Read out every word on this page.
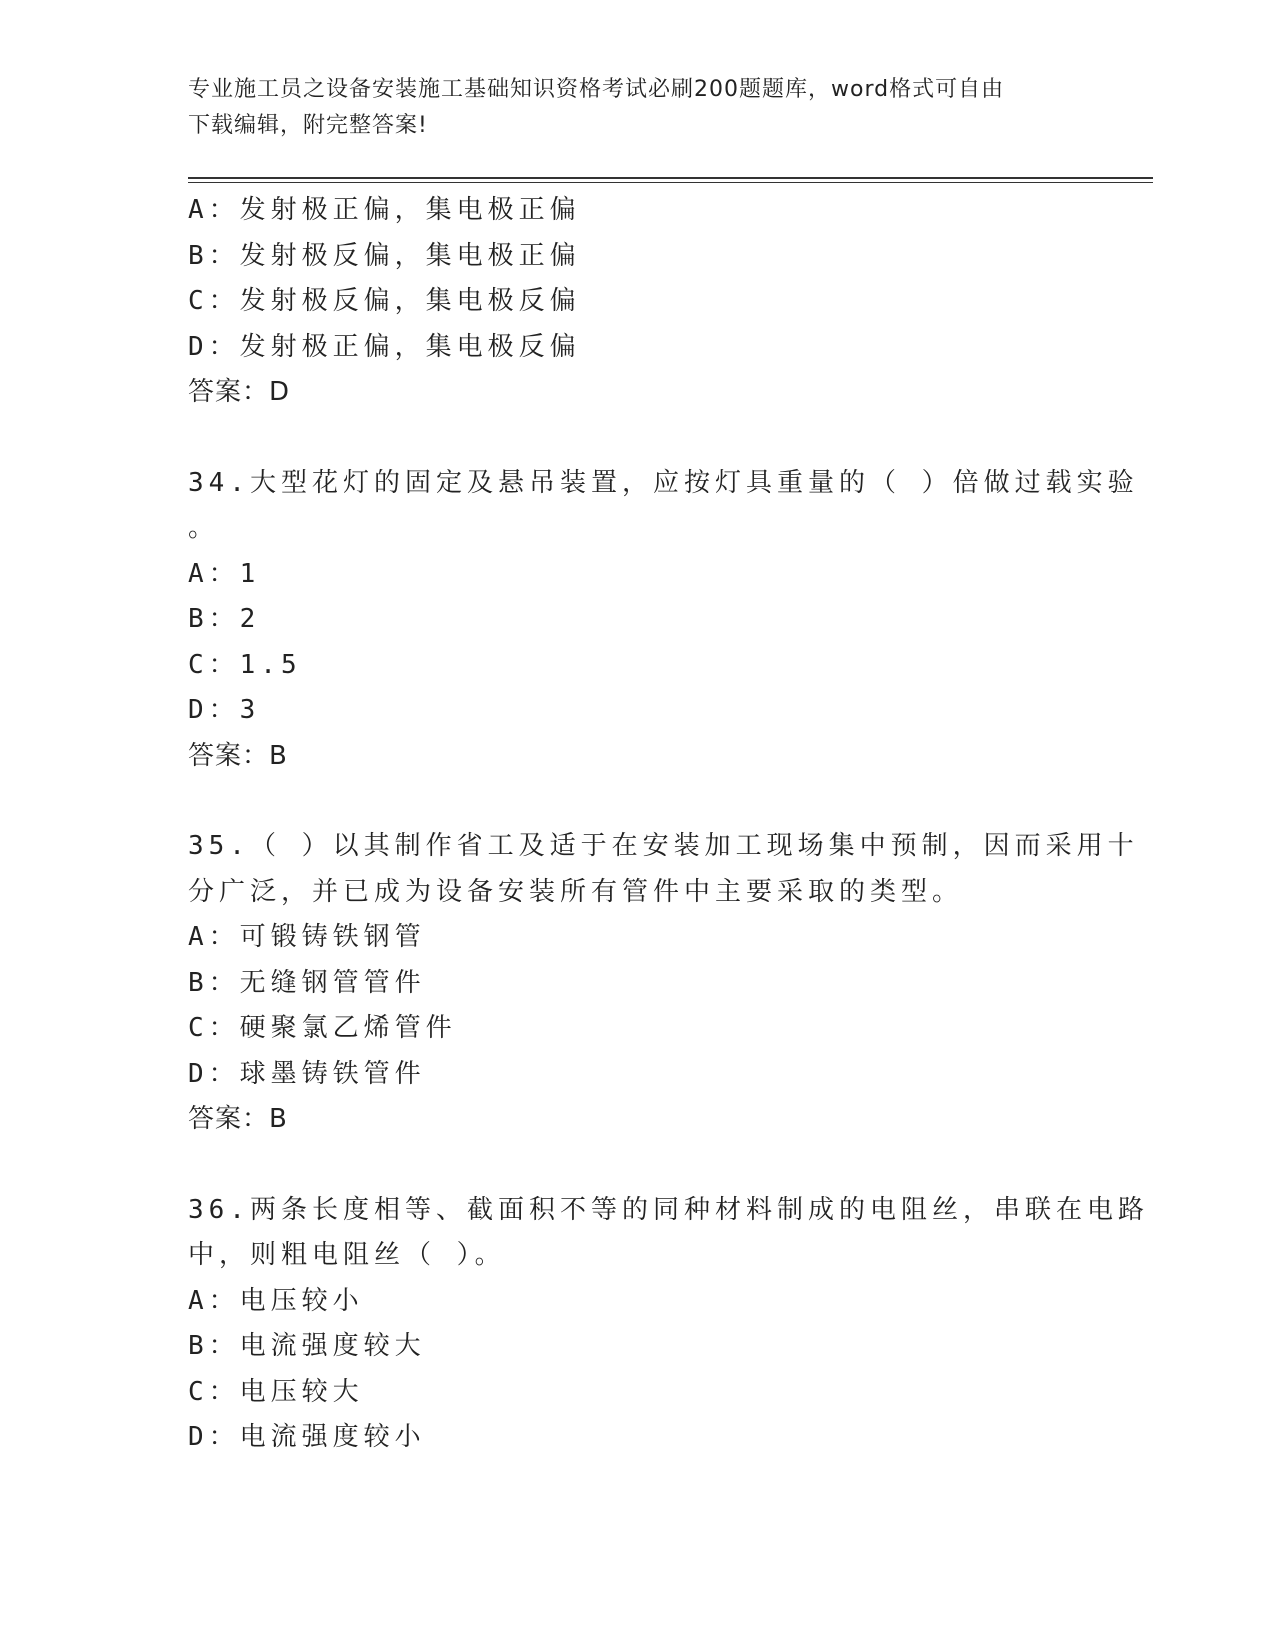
专业施工员之设备安装施工基础知识资格考试必刷200题题库，word格式可自由
下载编辑，附完整答案!
A：发射极正偏，集电极正偏
B：发射极反偏，集电极正偏
C：发射极反偏，集电极反偏
D：发射极正偏，集电极反偏
答案：D
34.大型花灯的固定及悬吊装置，应按灯具重量的（ ）倍做过载实验
。
A：1
B：2
C：1.5
D：3
答案：B
35.（ ）以其制作省工及适于在安装加工现场集中预制，因而采用十
分广泛，并已成为设备安装所有管件中主要采取的类型。
A：可锻铸铁钢管
B：无缝钢管管件
C：硬聚氯乙烯管件
D：球墨铸铁管件
答案：B
36.两条长度相等、截面积不等的同种材料制成的电阻丝，串联在电路
中，则粗电阻丝（ ）。
A：电压较小
B：电流强度较大
C：电压较大
D：电流强度较小
